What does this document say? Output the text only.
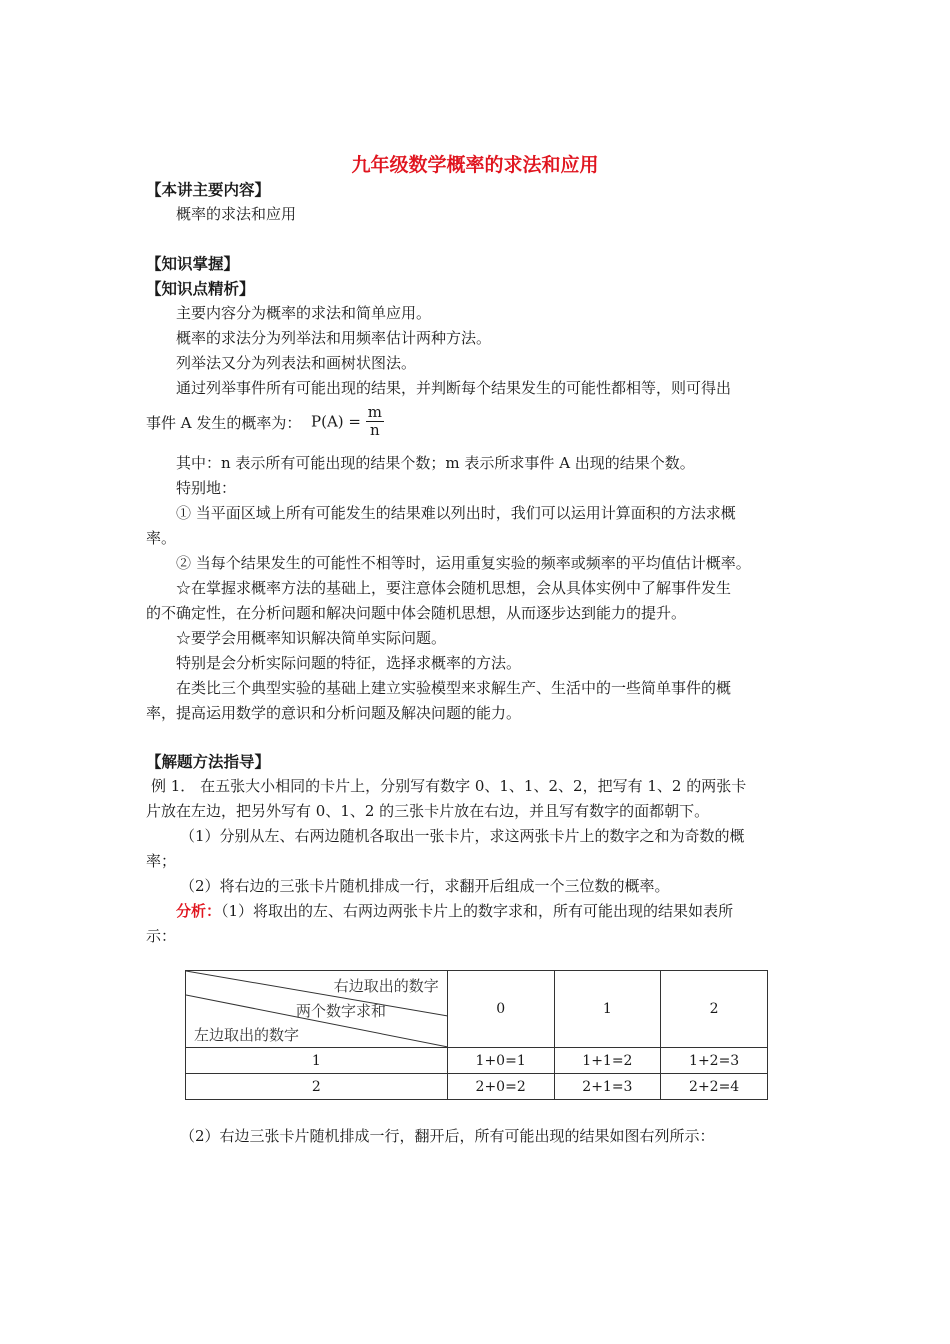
九年级数学概率的求法和应用
【本讲主要内容】
概率的求法和应用
【知识掌握】
【知识点精析】
主要内容分为概率的求法和简单应用。
概率的求法分为列举法和用频率估计两种方法。
列举法又分为列表法和画树状图法。
通过列举事件所有可能出现的结果，并判断每个结果发生的可能性都相等，则可得出
事件 A 发生的概率为： $P(A) = \frac{m}{n}$
其中：n 表示所有可能出现的结果个数；m 表示所求事件 A 出现的结果个数。
特别地：
① 当平面区域上所有可能发生的结果难以列出时，我们可以运用计算面积的方法求概
率。
② 当每个结果发生的可能性不相等时，运用重复实验的频率或频率的平均值估计概率。
☆在掌握求概率方法的基础上，要注意体会随机思想，会从具体实例中了解事件发生
的不确定性，在分析问题和解决问题中体会随机思想，从而逐步达到能力的提升。
☆要学会用概率知识解决简单实际问题。
特别是会分析实际问题的特征，选择求概率的方法。
在类比三个典型实验的基础上建立实验模型来求解生产、生活中的一些简单事件的概
率，提高运用数学的意识和分析问题及解决问题的能力。
【解题方法指导】
例 1． 在五张大小相同的卡片上，分别写有数字 0、1、1、2、2，把写有 1、2 的两张卡
片放在左边，把另外写有 0、1、2 的三张卡片放在右边，并且写有数字的面都朝下。
（1）分别从左、右两边随机各取出一张卡片，求这两张卡片上的数字之和为奇数的概
率；
（2）将右边的三张卡片随机排成一行，求翻开后组成一个三位数的概率。
分析：（1）将取出的左、右两边两张卡片上的数字求和，所有可能出现的结果如表所
示：
右边取出的数字
两个数字求和
左边取出的数字	0	1	2
1	1+0=1	1+1=2	1+2=3
2	2+0=2	2+1=3	2+2=4
（2）右边三张卡片随机排成一行，翻开后，所有可能出现的结果如图右列所示：
